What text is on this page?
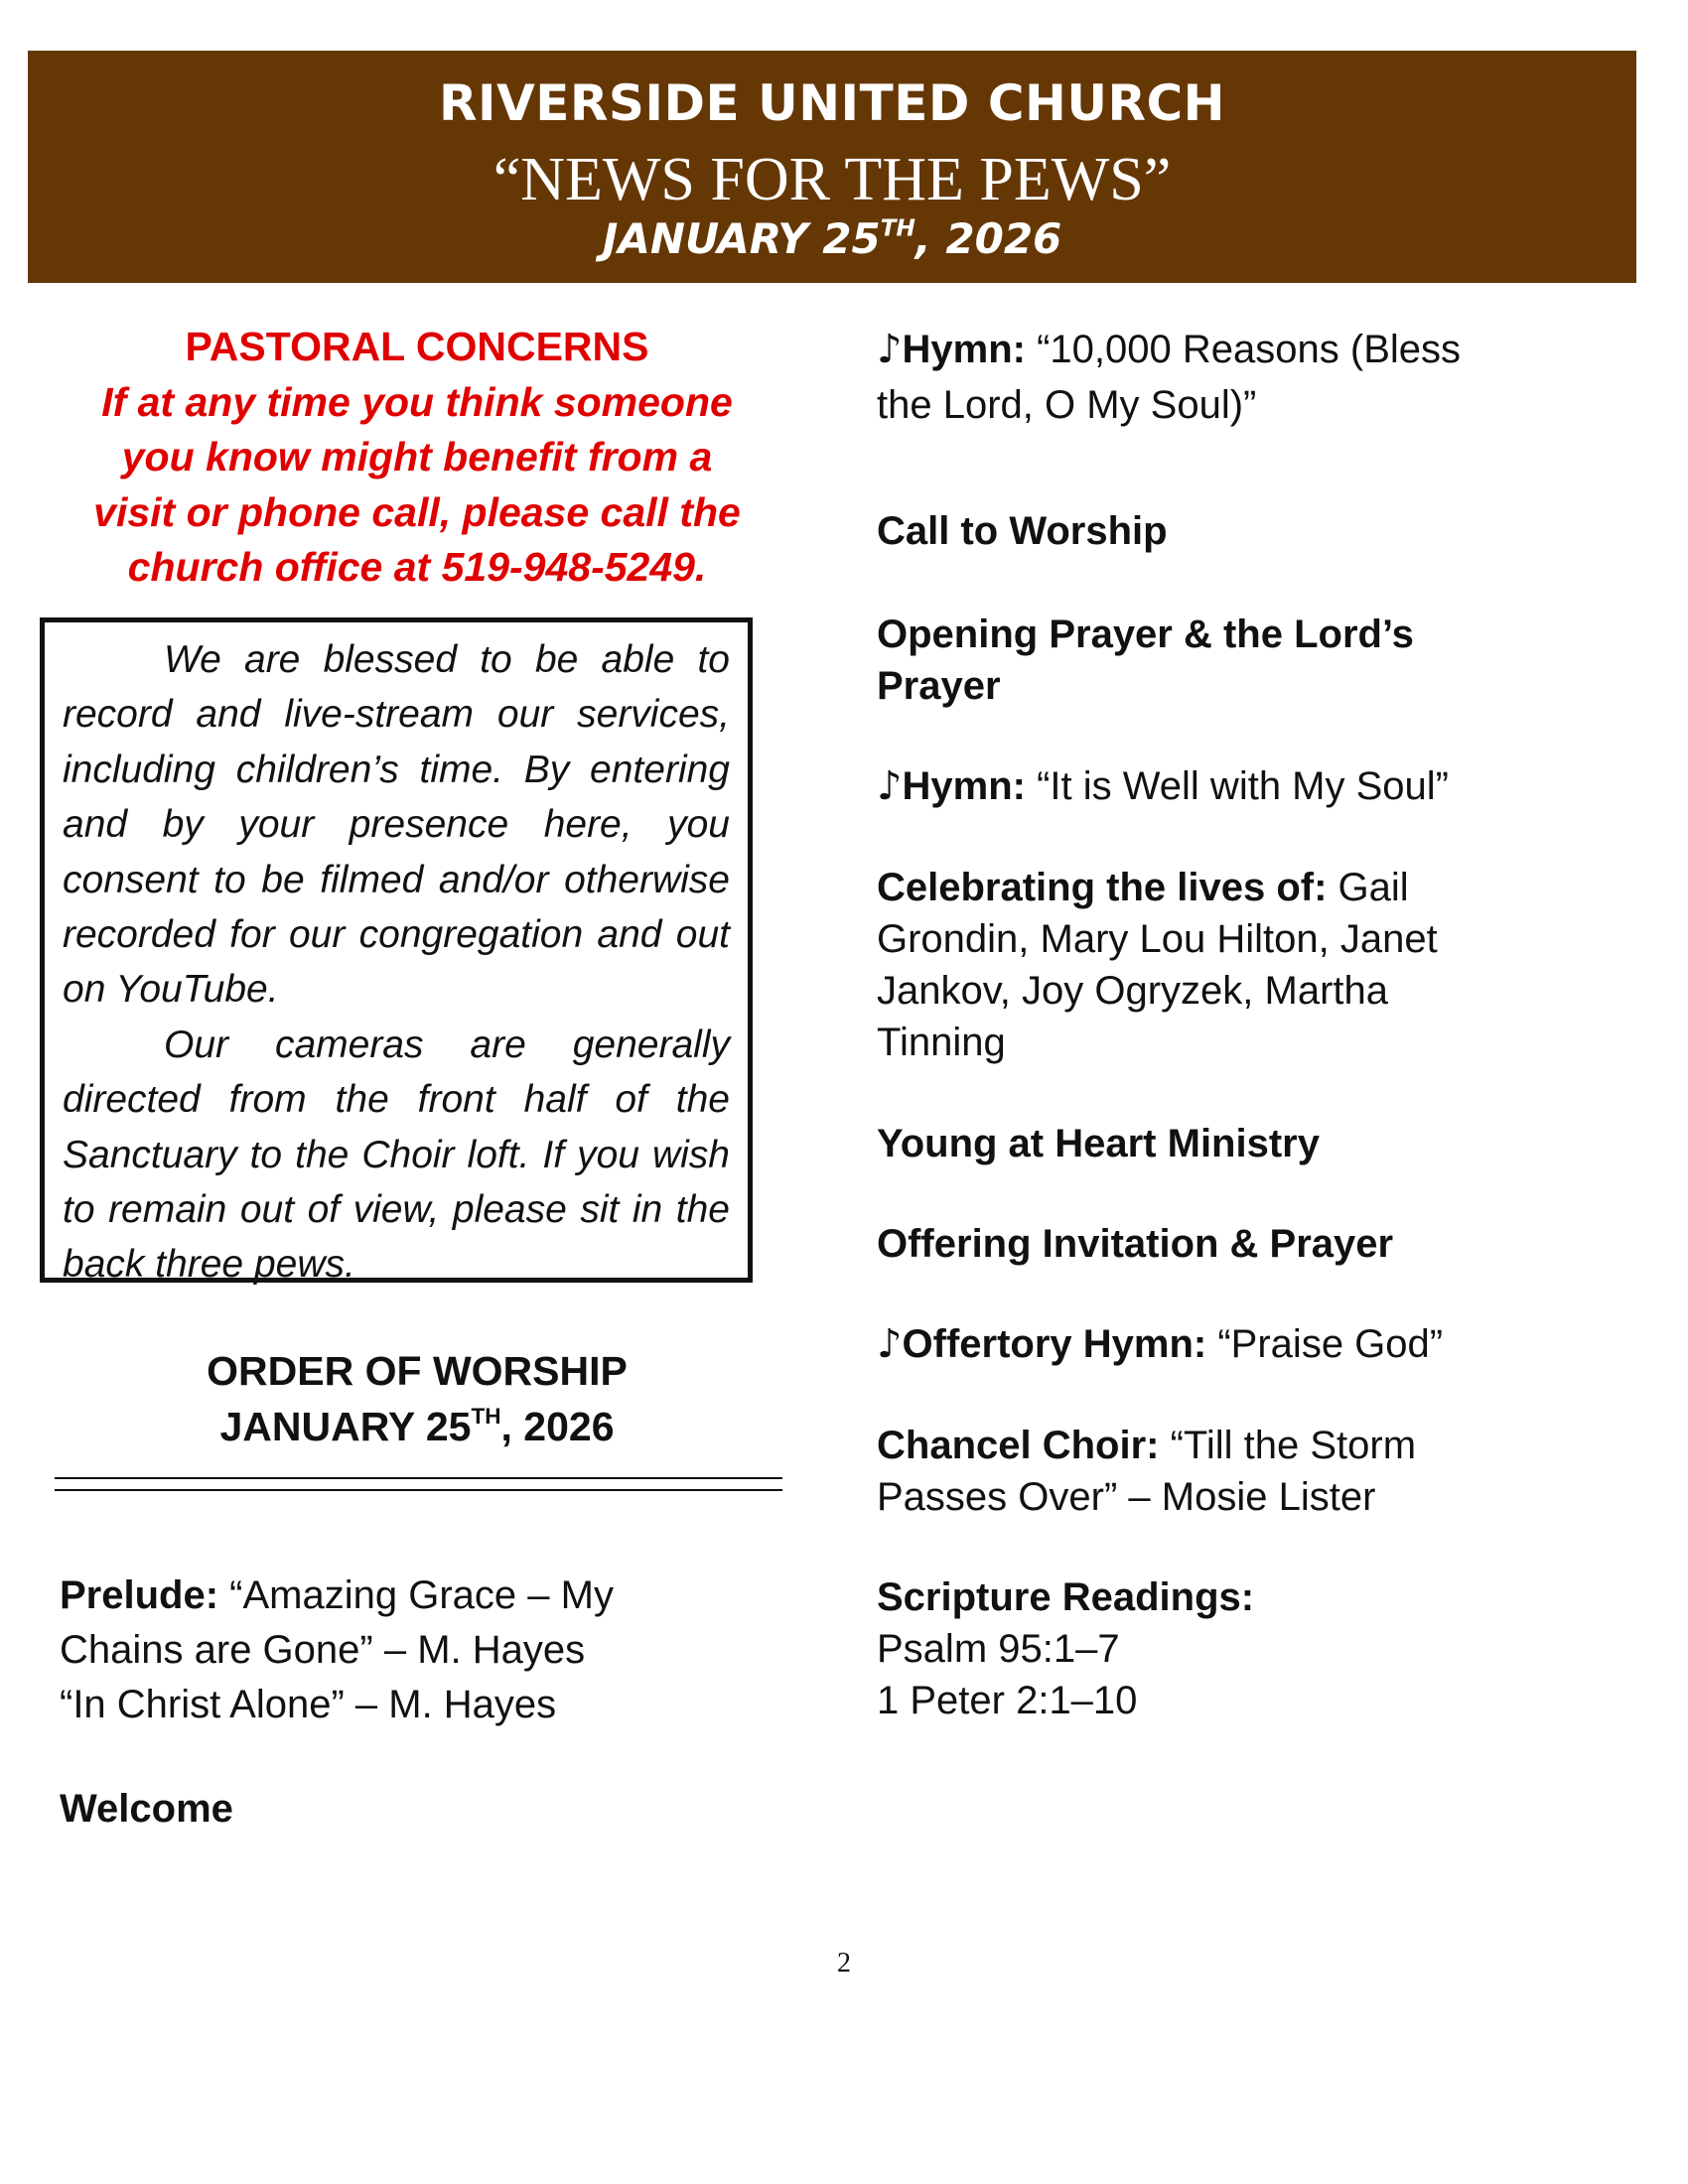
RIVERSIDE UNITED CHURCH
“NEWS FOR THE PEWS”
JANUARY 25TH, 2026
PASTORAL CONCERNS
If at any time you think someone
you know might benefit from a
visit or phone call, please call the
church office at 519-948-5249.

We are blessed to be able to record and live-stream our services, including children’s time. By entering and by your presence here, you consent to be filmed and/or otherwise recorded for our congregation and out on YouTube.

Our cameras are generally directed from the front half of the Sanctuary to the Choir loft. If you wish to remain out of view, please sit in the back three pews.

ORDER OF WORSHIP
JANUARY 25TH, 2026
Prelude: “Amazing Grace – My
Chains are Gone” – M. Hayes
“In Christ Alone” – M. Hayes
Welcome
♪Hymn: “10,000 Reasons (Bless
the Lord, O My Soul)”
Call to Worship
Opening Prayer & the Lord’s
Prayer
♪Hymn: “It is Well with My Soul”
Celebrating the lives of: Gail
Grondin, Mary Lou Hilton, Janet
Jankov, Joy Ogryzek, Martha
Tinning
Young at Heart Ministry
Offering Invitation & Prayer
♪Offertory Hymn: “Praise God”
Chancel Choir: “Till the Storm
Passes Over” – Mosie Lister
Scripture Readings:
Psalm 95:1–7
1 Peter 2:1–10
2
